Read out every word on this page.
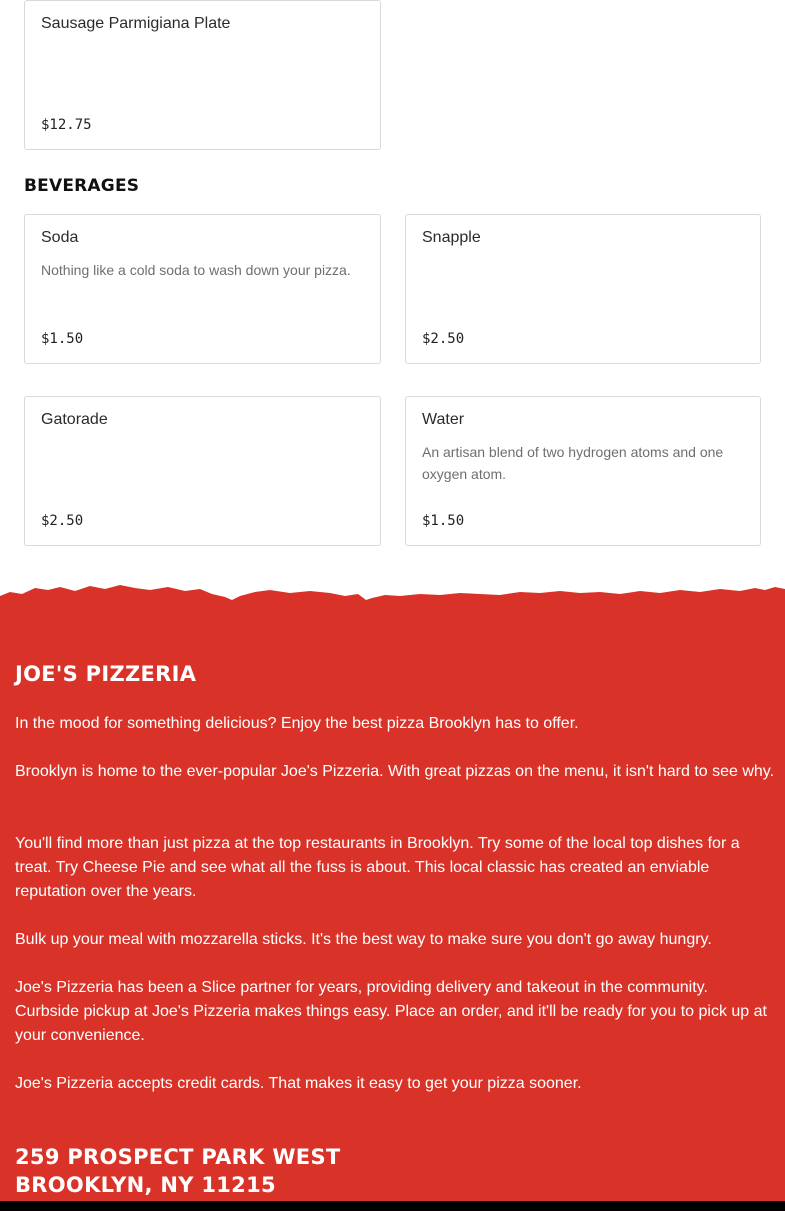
Sausage Parmigiana Plate
$12.75
BEVERAGES
Soda
Nothing like a cold soda to wash down your pizza.
$1.50
Snapple
$2.50
Gatorade
$2.50
Water
An artisan blend of two hydrogen atoms and one oxygen atom.
$1.50
JOE'S PIZZERIA
In the mood for something delicious? Enjoy the best pizza Brooklyn has to offer.
Brooklyn is home to the ever-popular Joe's Pizzeria. With great pizzas on the menu, it isn't hard to see why.
You'll find more than just pizza at the top restaurants in Brooklyn. Try some of the local top dishes for a treat. Try Cheese Pie and see what all the fuss is about. This local classic has created an enviable reputation over the years.
Bulk up your meal with mozzarella sticks. It's the best way to make sure you don't go away hungry.
Joe's Pizzeria has been a Slice partner for years, providing delivery and takeout in the community. Curbside pickup at Joe's Pizzeria makes things easy. Place an order, and it'll be ready for you to pick up at your convenience.
Joe's Pizzeria accepts credit cards. That makes it easy to get your pizza sooner.
259 PROSPECT PARK WEST
BROOKLYN, NY 11215
